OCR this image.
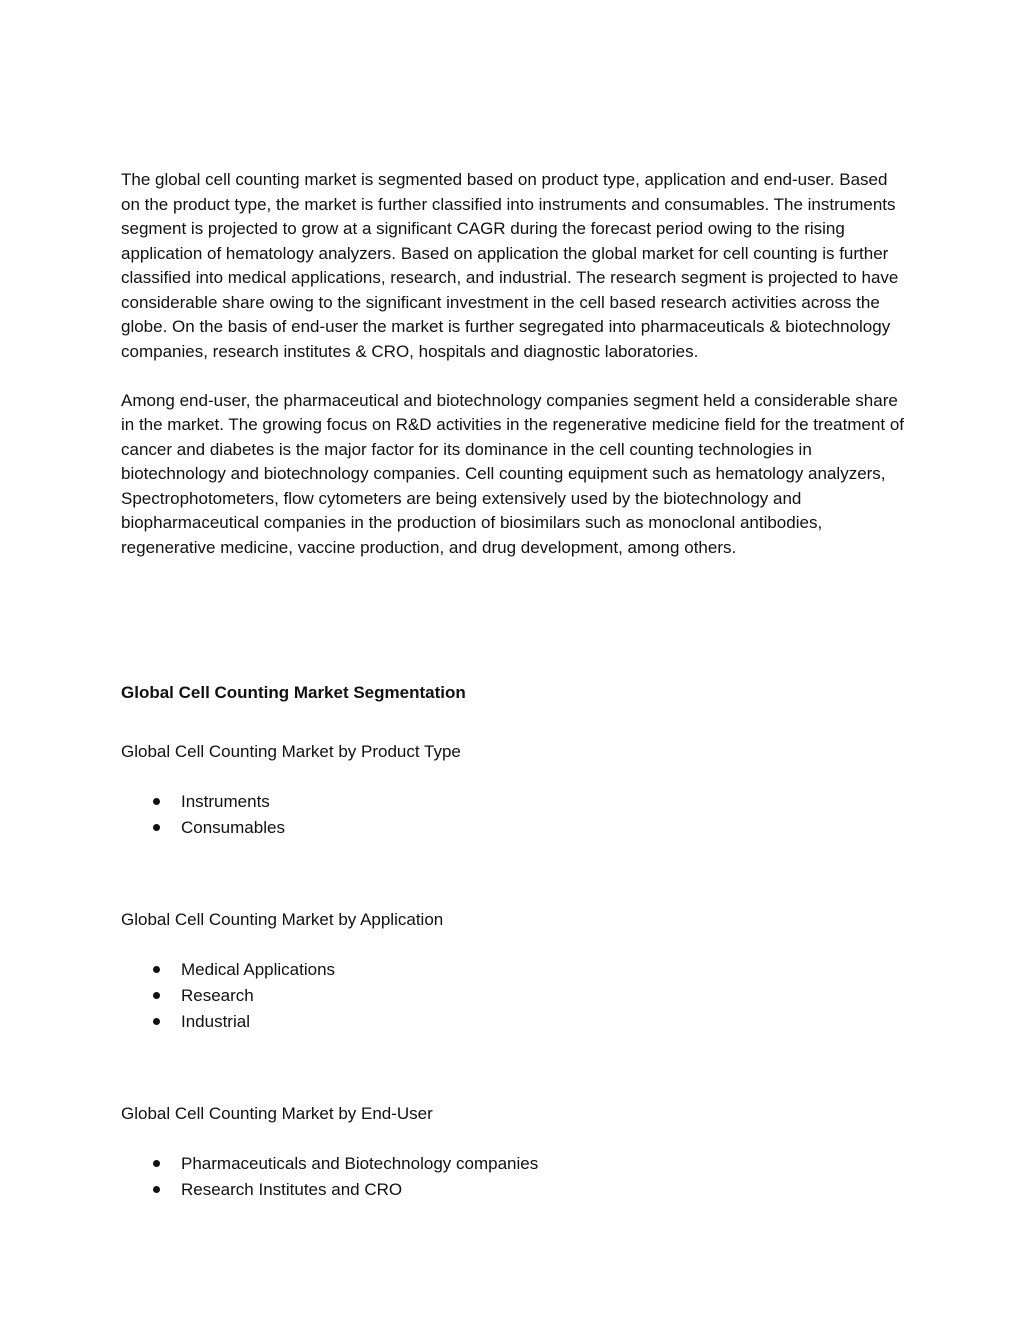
The global cell counting market is segmented based on product type, application and end-user. Based on the product type, the market is further classified into instruments and consumables. The instruments segment is projected to grow at a significant CAGR during the forecast period owing to the rising application of hematology analyzers. Based on application the global market for cell counting is further classified into medical applications, research, and industrial. The research segment is projected to have considerable share owing to the significant investment in the cell based research activities across the globe. On the basis of end-user the market is further segregated into pharmaceuticals & biotechnology companies, research institutes & CRO, hospitals and diagnostic laboratories.

Among end-user, the pharmaceutical and biotechnology companies segment held a considerable share in the market. The growing focus on R&D activities in the regenerative medicine field for the treatment of cancer and diabetes is the major factor for its dominance in the cell counting technologies in biotechnology and biotechnology companies. Cell counting equipment such as hematology analyzers, Spectrophotometers, flow cytometers are being extensively used by the biotechnology and biopharmaceutical companies in the production of biosimilars such as monoclonal antibodies, regenerative medicine, vaccine production, and drug development, among others.

Global Cell Counting Market Segmentation

Global Cell Counting Market by Product Type

Instruments
Consumables

Global Cell Counting Market by Application

Medical Applications
Research
Industrial

Global Cell Counting Market by End-User

Pharmaceuticals and Biotechnology companies
Research Institutes and CRO
